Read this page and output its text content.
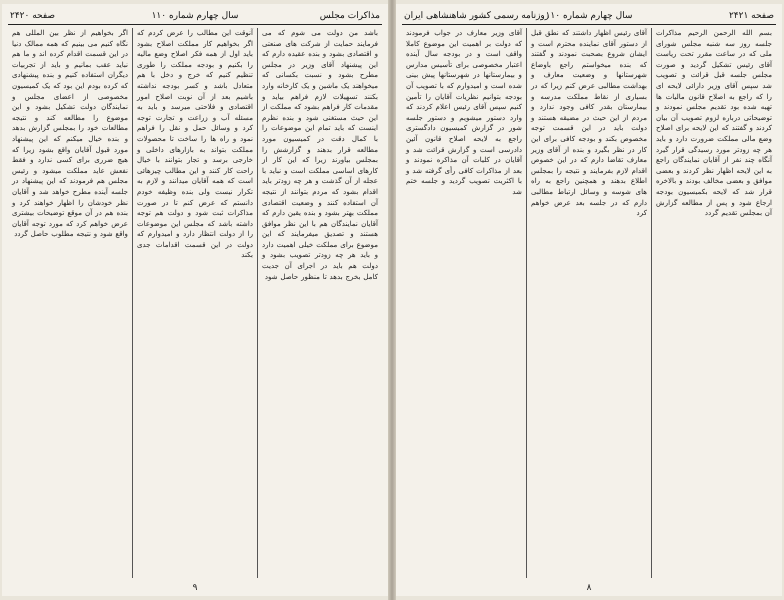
صفحه ۲۴۲۰	سال چهارم شماره ۱۱۰	مذاکرات مجلس
باشد من دولت می شوم که می فرمایند حمایت از شرکت های صنعتی و اقتصادی بشود و بنده عقیده دارم که این پیشنهاد آقای وزیر در مجلس مطرح بشود و نسبت بکسانی که میخواهند یک ماشین و یک کارخانه وارد بکنند تسهیلات لازم فراهم بیاید و مقدمات کار فراهم بشود که مملکت از این حیث مستغنی شود و بنده نظرم اینست که باید تمام این موضوعات را با کمال دقت در کمیسیون مورد مطالعه قرار بدهند و گزارشش را بمجلس بیاورند زیرا که این کار از کارهای اساسی مملکت است و نباید با عجله از آن گذشت و هر چه زودتر باید اقدام بشود که مردم بتوانند از نتیجه آن استفاده کنند و وضعیت اقتصادی مملکت بهتر بشود و بنده یقین دارم که آقایان نمایندگان هم با این نظر موافق هستند و تصدیق میفرمایند که این موضوع برای مملکت خیلی اهمیت دارد و باید هر چه زودتر تصویب بشود و دولت هم باید در اجرای آن جدیت کامل بخرج بدهد تا منظور حاصل شود
آنوقت این مطالب را عرض کردم که اگر بخواهیم کار مملکت اصلاح بشود باید اول از همه فکر اصلاح وضع مالیه را بکنیم و بودجه مملکت را طوری تنظیم کنیم که خرج و دخل با هم متعادل باشد و کسر بودجه نداشته باشیم بعد از آن نوبت اصلاح امور اقتصادی و فلاحتی میرسد و باید به مسئله آب و زراعت و تجارت توجه کرد و وسائل حمل و نقل را فراهم نمود و راه ها را ساخت تا محصولات مملکت بتواند به بازارهای داخلی و خارجی برسد و تجار بتوانند با خیال راحت کار کنند و این مطالب چیزهائی است که همه آقایان میدانند و لازم به تکرار نیست ولی بنده وظیفه خودم دانستم که عرض کنم تا در صورت مذاکرات ثبت شود و دولت هم توجه داشته باشد که مجلس این موضوعات را از دولت انتظار دارد و امیدوارم که دولت در این قسمت اقدامات جدی بکند
اگر بخواهیم از نظر بین المللی هم نگاه کنیم می بینیم که همه ممالک دنیا در این قسمت اقدام کرده اند و ما هم نباید عقب بمانیم و باید از تجربیات دیگران استفاده کنیم و بنده پیشنهادی که کرده بودم این بود که یک کمیسیون مخصوصی از اعضای مجلس و نمایندگان دولت تشکیل بشود و این موضوع را مطالعه کند و نتیجه مطالعات خود را بمجلس گزارش بدهد و بنده خیال میکنم که این پیشنهاد مورد قبول آقایان واقع بشود زیرا که هیچ ضرری برای کسی ندارد و فقط نفعش عاید مملکت میشود و رئیس مجلس هم فرمودند که این پیشنهاد در جلسه آینده مطرح خواهد شد و آقایان نظر خودشان را اظهار خواهند کرد و بنده هم در آن موقع توضیحات بیشتری عرض خواهم کرد که مورد توجه آقایان واقع شود و نتیجه مطلوب حاصل گردد
۹
روزنامه رسمی کشور شاهنشاهی ایران
سال چهارم شماره ۱۱۰	صفحه ۲۴۲۱
بسم الله الرحمن الرحیم مذاکرات جلسه روز سه شنبه مجلس شورای ملی که در ساعت مقرر تحت ریاست آقای رئیس تشکیل گردید و صورت مجلس جلسه قبل قرائت و تصویب شد سپس آقای وزیر دارائی لایحه ای را که راجع به اصلاح قانون مالیات ها تهیه شده بود تقدیم مجلس نمودند و توضیحاتی درباره لزوم تصویب آن بیان کردند و گفتند که این لایحه برای اصلاح وضع مالی مملکت ضرورت دارد و باید هر چه زودتر مورد رسیدگی قرار گیرد آنگاه چند نفر از آقایان نمایندگان راجع به این لایحه اظهار نظر کردند و بعضی موافق و بعضی مخالف بودند و بالاخره قرار شد که لایحه بکمیسیون بودجه ارجاع شود و پس از مطالعه گزارش آن بمجلس تقدیم گردد
آقای رئیس اظهار داشتند که نطق قبل از دستور آقای نماینده محترم است و ایشان شروع بصحبت نمودند و گفتند که بنده میخواستم راجع باوضاع شهرستانها و وضعیت معارف و بهداشت مطالبی عرض کنم زیرا که در بسیاری از نقاط مملکت مدرسه و بیمارستان بقدر کافی وجود ندارد و مردم از این حیث در مضیقه هستند و دولت باید در این قسمت توجه مخصوص بکند و بودجه کافی برای این کار در نظر بگیرد و بنده از آقای وزیر معارف تقاضا دارم که در این خصوص اقدام لازم بفرمایند و نتیجه را بمجلس اطلاع بدهند و همچنین راجع به راه های شوسه و وسائل ارتباط مطالبی دارم که در جلسه بعد عرض خواهم کرد
آقای وزیر معارف در جواب فرمودند که دولت بر اهمیت این موضوع کاملا واقف است و در بودجه سال آینده اعتبار مخصوصی برای تأسیس مدارس و بیمارستانها در شهرستانها پیش بینی شده است و امیدوارم که با تصویب آن بودجه بتوانیم نظریات آقایان را تأمین کنیم سپس آقای رئیس اعلام کردند که وارد دستور میشویم و دستور جلسه شور در گزارش کمیسیون دادگستری راجع به لایحه اصلاح قانون آئین دادرسی است و گزارش قرائت شد و آقایان در کلیات آن مذاکره نمودند و بعد از مذاکرات کافی رأی گرفته شد و با اکثریت تصویب گردید و جلسه ختم شد
۸
